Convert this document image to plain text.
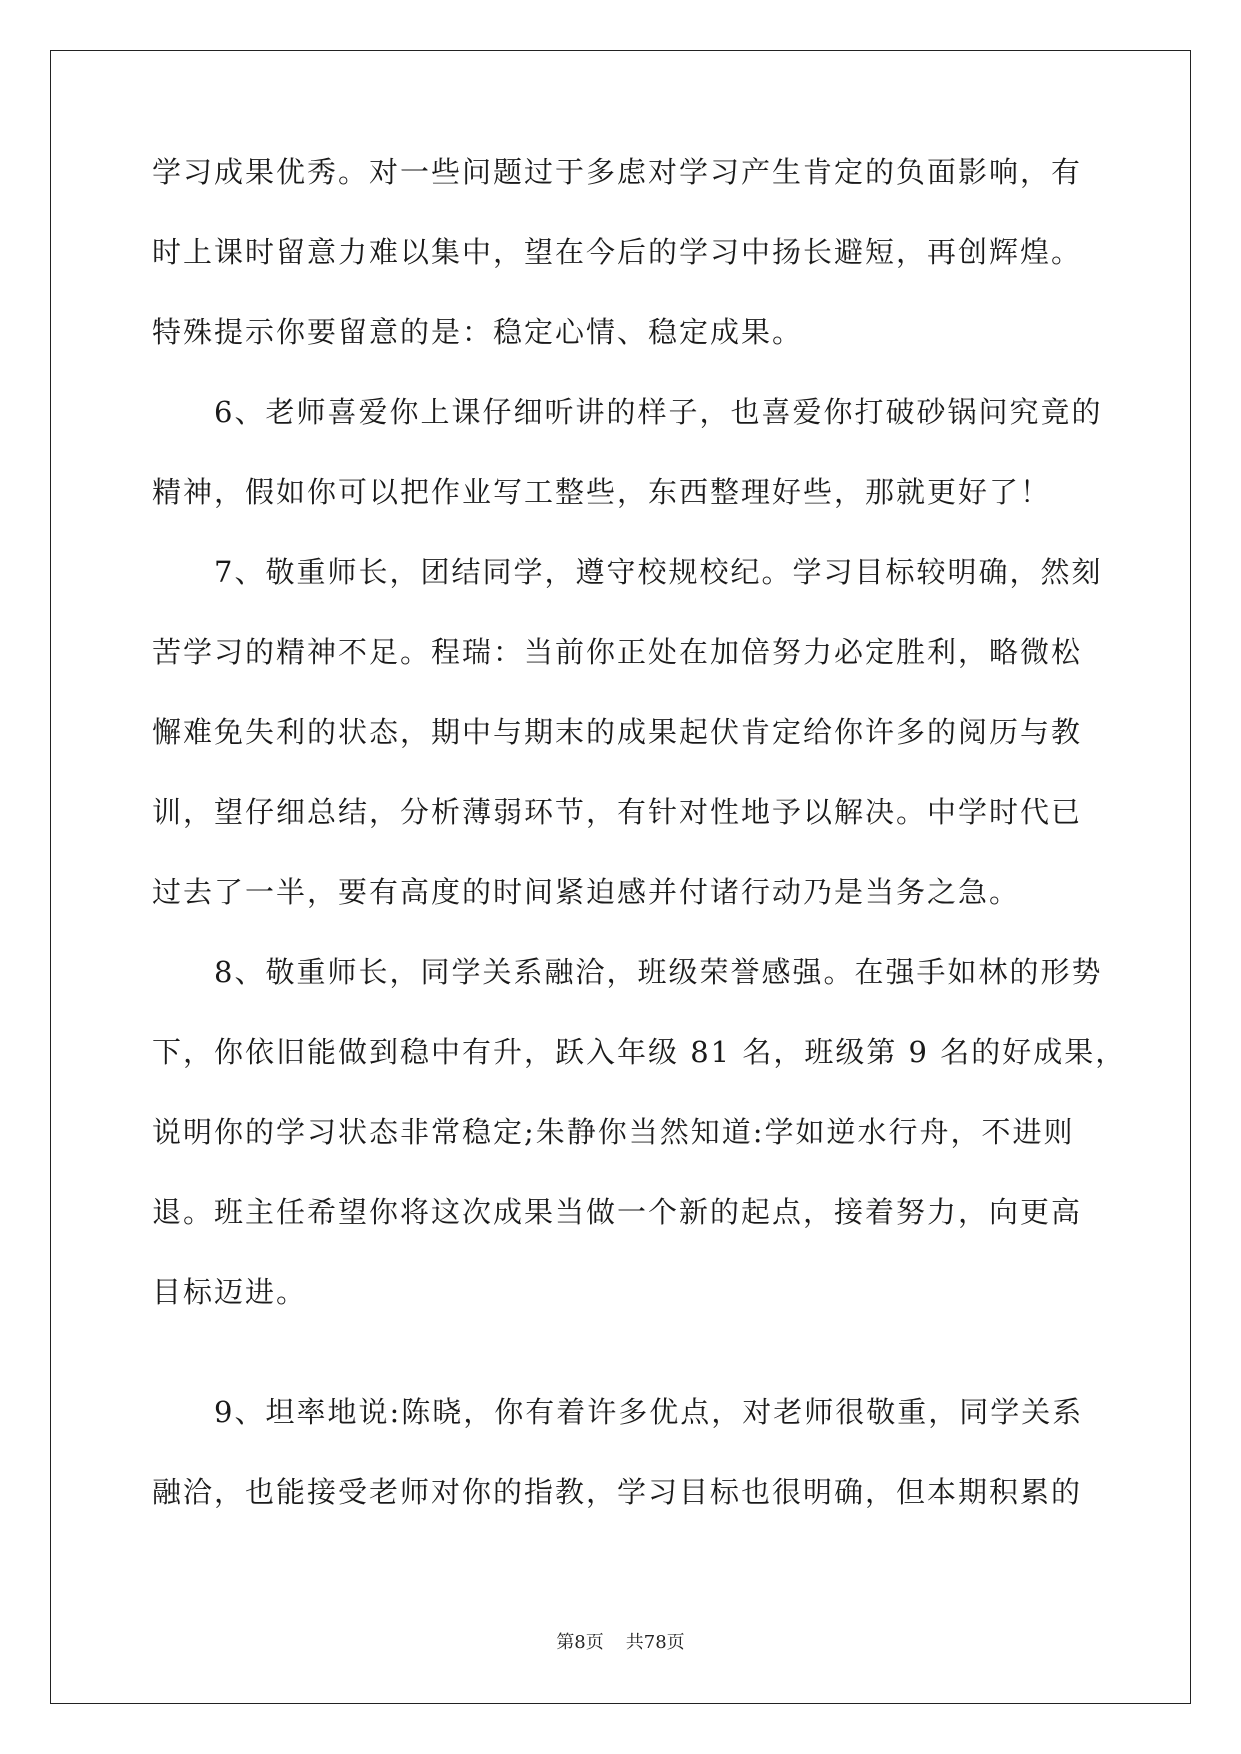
学习成果优秀。对一些问题过于多虑对学习产生肯定的负面影响，有
时上课时留意力难以集中，望在今后的学习中扬长避短，再创辉煌。
特殊提示你要留意的是：稳定心情、稳定成果。
　　6、老师喜爱你上课仔细听讲的样子，也喜爱你打破砂锅问究竟的
精神，假如你可以把作业写工整些，东西整理好些，那就更好了！
　　7、敬重师长，团结同学，遵守校规校纪。学习目标较明确，然刻
苦学习的精神不足。程瑞：当前你正处在加倍努力必定胜利，略微松
懈难免失利的状态，期中与期末的成果起伏肯定给你许多的阅历与教
训，望仔细总结，分析薄弱环节，有针对性地予以解决。中学时代已
过去了一半，要有高度的时间紧迫感并付诸行动乃是当务之急。
　　8、敬重师长，同学关系融洽，班级荣誉感强。在强手如林的形势
下，你依旧能做到稳中有升，跃入年级 81 名，班级第 9 名的好成果，
说明你的学习状态非常稳定;朱静你当然知道:学如逆水行舟，不进则
退。班主任希望你将这次成果当做一个新的起点，接着努力，向更高
目标迈进。
　　9、坦率地说:陈晓，你有着许多优点，对老师很敬重，同学关系
融洽，也能接受老师对你的指教，学习目标也很明确，但本期积累的
第8页 共78页
